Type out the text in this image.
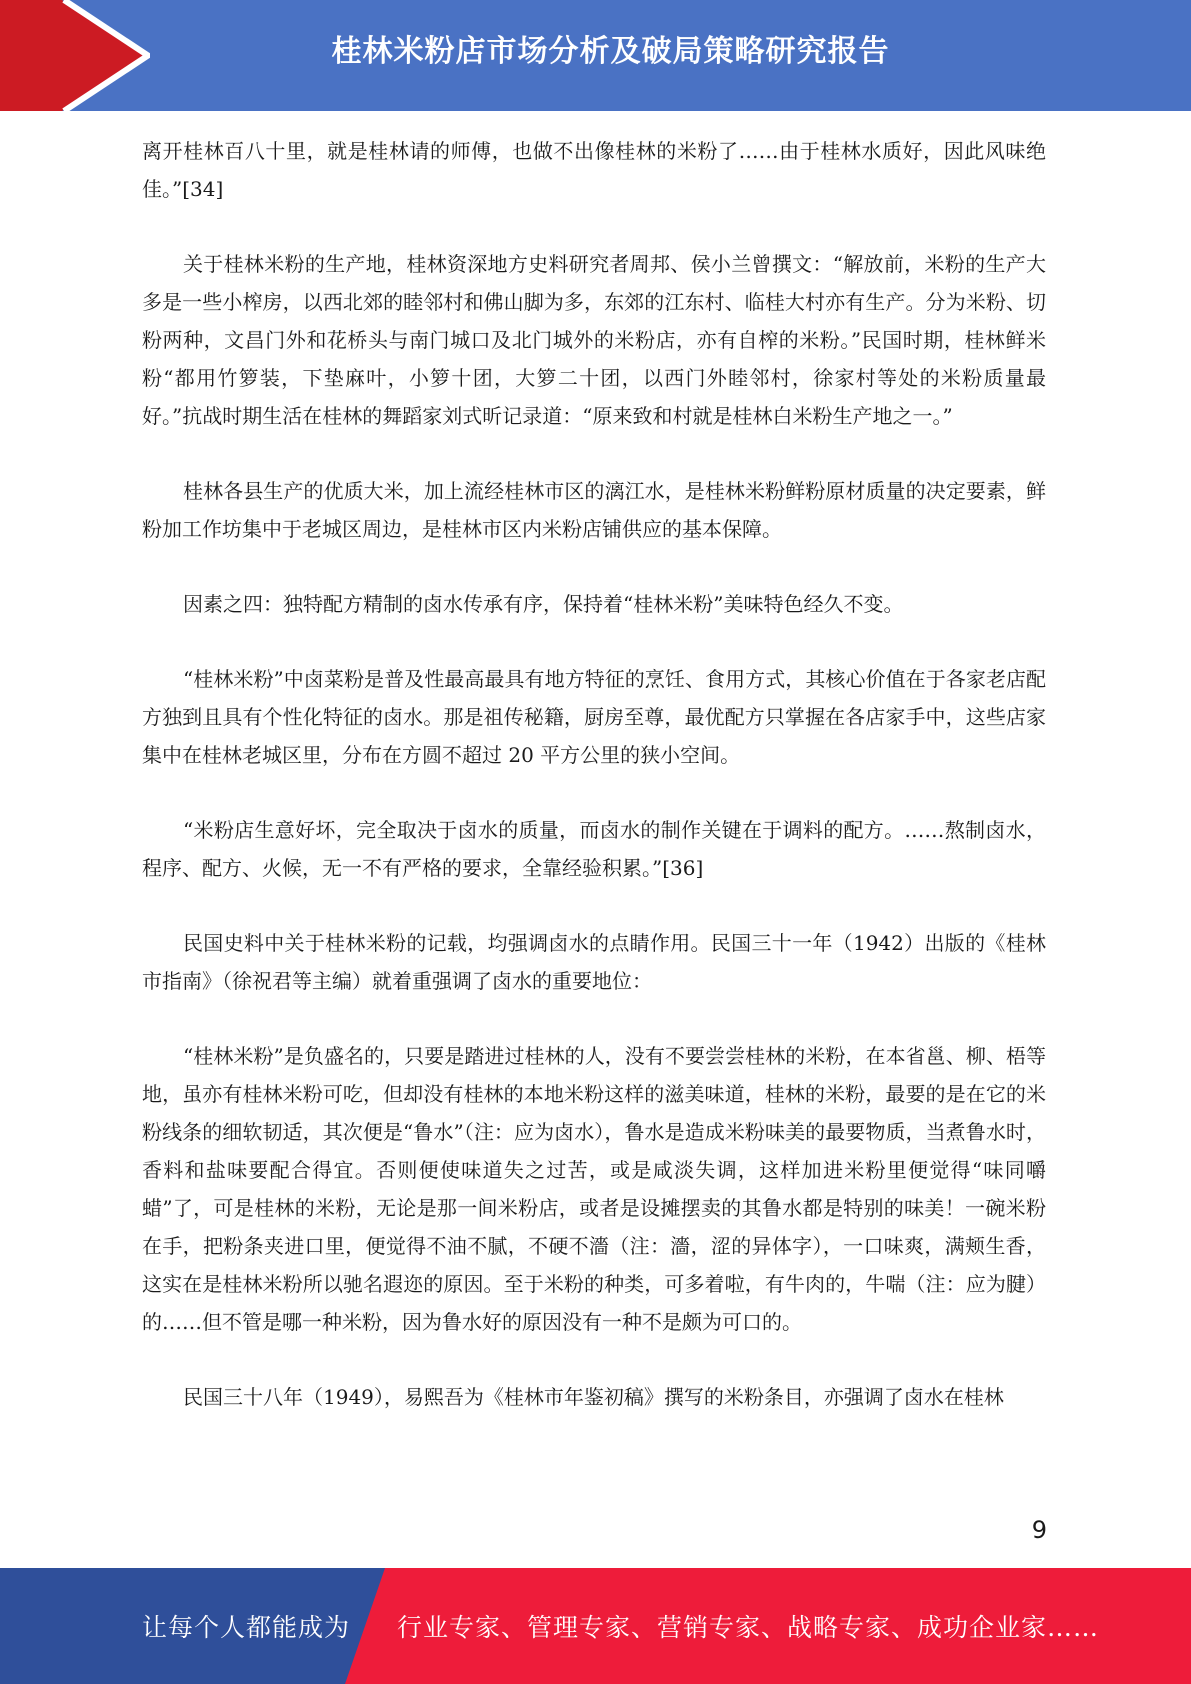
桂林米粉店市场分析及破局策略研究报告

离开桂林百八十里，就是桂林请的师傅，也做不出像桂林的米粉了……由于桂林水质好，因此风味绝佳。”[34]

关于桂林米粉的生产地，桂林资深地方史料研究者周邦、侯小兰曾撰文：“解放前，米粉的生产大多是一些小榨房，以西北郊的睦邻村和佛山脚为多，东郊的江东村、临桂大村亦有生产。分为米粉、切粉两种，文昌门外和花桥头与南门城口及北门城外的米粉店，亦有自榨的米粉。”民国时期，桂林鲜米粉“都用竹箩装，下垫麻叶，小箩十团，大箩二十团，以西门外睦邻村，徐家村等处的米粉质量最好。”抗战时期生活在桂林的舞蹈家刘式昕记录道：“原来致和村就是桂林白米粉生产地之一。”

桂林各县生产的优质大米，加上流经桂林市区的漓江水，是桂林米粉鲜粉原材质量的决定要素，鲜粉加工作坊集中于老城区周边，是桂林市区内米粉店铺供应的基本保障。

因素之四：独特配方精制的卤水传承有序，保持着“桂林米粉”美味特色经久不变。

“桂林米粉”中卤菜粉是普及性最高最具有地方特征的烹饪、食用方式，其核心价值在于各家老店配方独到且具有个性化特征的卤水。那是祖传秘籍，厨房至尊，最优配方只掌握在各店家手中，这些店家集中在桂林老城区里，分布在方圆不超过 20 平方公里的狭小空间。

“米粉店生意好坏，完全取决于卤水的质量，而卤水的制作关键在于调料的配方。……熬制卤水，程序、配方、火候，无一不有严格的要求，全靠经验积累。”[36]

民国史料中关于桂林米粉的记载，均强调卤水的点睛作用。民国三十一年（1942）出版的《桂林市指南》（徐祝君等主编）就着重强调了卤水的重要地位：

“桂林米粉”是负盛名的，只要是踏进过桂林的人，没有不要尝尝桂林的米粉，在本省邕、柳、梧等地，虽亦有桂林米粉可吃，但却没有桂林的本地米粉这样的滋美味道，桂林的米粉，最要的是在它的米粉线条的细软韧适，其次便是“鲁水”（注：应为卤水），鲁水是造成米粉味美的最要物质，当煮鲁水时，香料和盐味要配合得宜。否则便使味道失之过苦，或是咸淡失调，这样加进米粉里便觉得“味同嚼蜡”了，可是桂林的米粉，无论是那一间米粉店，或者是设摊摆卖的其鲁水都是特别的味美！一碗米粉在手，把粉条夹进口里，便觉得不油不腻，不硬不濇（注：濇，涩的异体字），一口味爽，满颊生香，这实在是桂林米粉所以驰名遐迩的原因。至于米粉的种类，可多着啦，有牛肉的，牛喘（注：应为腱）的……但不管是哪一种米粉，因为鲁水好的原因没有一种不是颇为可口的。

民国三十八年（1949），易熙吾为《桂林市年鉴初稿》撰写的米粉条目，亦强调了卤水在桂林

9
让每个人都能成为 行业专家、管理专家、营销专家、战略专家、成功企业家……
